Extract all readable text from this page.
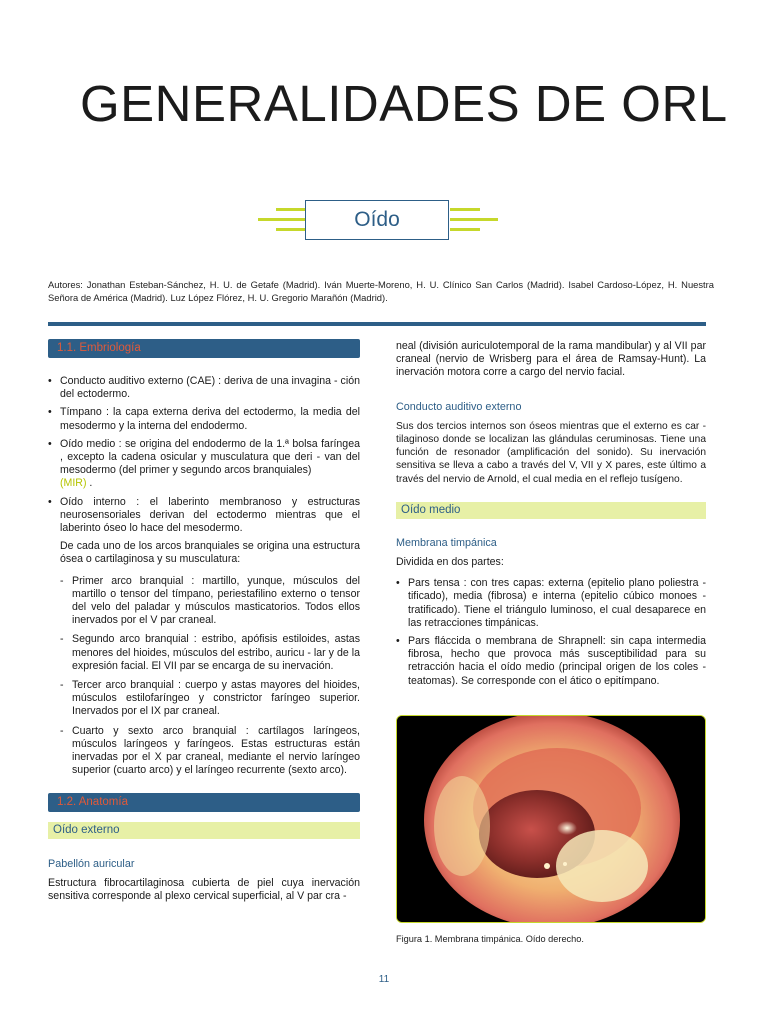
GENERALIDADES DE ORL
Oído
Autores: Jonathan Esteban-Sánchez, H. U. de Getafe (Madrid). Iván Muerte-Moreno, H. U. Clínico San Carlos (Madrid). Isabel Cardoso-López, H. Nuestra Señora de América (Madrid). Luz López Flórez, H. U. Gregorio Marañón (Madrid).
1.1. Embriología
• Conducto auditivo externo (CAE) : deriva de una invagina - ción del ectodermo.
• Tímpano : la capa externa deriva del ectodermo, la media del mesodermo y la interna del endodermo.
• Oído medio : se origina del endodermo de la 1.ª bolsa faríngea , excepto la cadena osicular y musculatura que deri - van del mesodermo (del primer y segundo arcos branquiales)
(MIR) .
• Oído interno : el laberinto membranoso y estructuras neurosensoriales derivan del ectodermo mientras que el laberinto óseo lo hace del mesodermo.

De cada uno de los arcos branquiales se origina una estructura ósea o cartilaginosa y su musculatura:

- Primer arco branquial : martillo, yunque, músculos del martillo o tensor del tímpano, periestafilino externo o tensor del velo del paladar y músculos masticatorios. Todos ellos inervados por el V par craneal.
- Segundo arco branquial : estribo, apófisis estiloides, astas menores del hioides, músculos del estribo, auricu - lar y de la expresión facial. El VII par se encarga de su inervación.
- Tercer arco branquial : cuerpo y astas mayores del hioides, músculos estilofaríngeo y constrictor faríngeo superior. Inervados por el IX par craneal.
- Cuarto y sexto arco branquial : cartílagos laríngeos, músculos laríngeos y faríngeos. Estas estructuras están inervadas por el X par craneal, mediante el nervio laríngeo superior (cuarto arco) y el laríngeo recurrente (sexto arco).
1.2. Anatomía
Oído externo
Pabellón auricular

Estructura fibrocartilaginosa cubierta de piel cuya inervación sensitiva corresponde al plexo cervical superficial, al V par cra -

neal (división auriculotemporal de la rama mandibular) y al VII par craneal (nervio de Wrisberg para el área de Ramsay-Hunt). La inervación motora corre a cargo del nervio facial.

Conducto auditivo externo

Sus dos tercios internos son óseos mientras que el externo es car - tilaginoso donde se localizan las glándulas ceruminosas. Tiene una función de resonador (amplificación del sonido). Su inervación sensitiva se lleva a cabo a través del V, VII y X pares, este último a través del nervio de Arnold, el cual media en el reflejo tusígeno.

Oído medio
Membrana timpánica

Dividida en dos partes:

• Pars tensa : con tres capas: externa (epitelio plano poliestra - tificado), media (fibrosa) e interna (epitelio cúbico monoes - tratificado). Tiene el triángulo luminoso, el cual desaparece en las retracciones timpánicas.
• Pars fláccida o membrana de Shrapnell: sin capa intermedia fibrosa, hecho que provoca más susceptibilidad para su retracción hacia el oído medio (principal origen de los coles - teatomas). Se corresponde con el ático o epitímpano.
Figura 1. Membrana timpánica. Oído derecho.
11
